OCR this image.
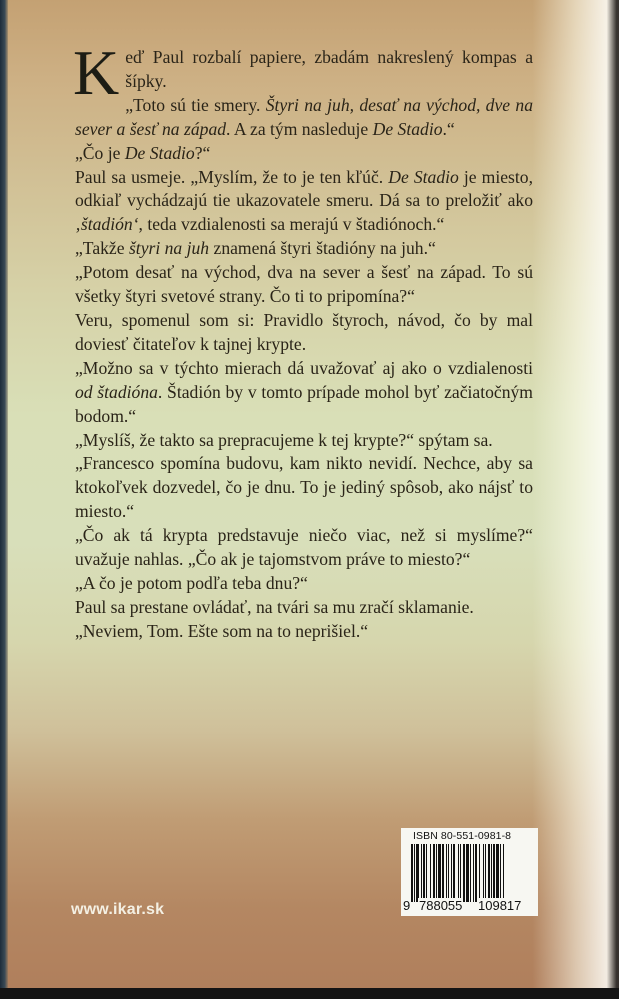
Keď Paul rozbalí papiere, zbadám nakreslený kompas a šípky.

„Toto sú tie smery. Štyri na juh, desať na východ, dve na sever a šesť na západ. A za tým nasleduje De Stadio.“

„Čo je De Stadio?“

Paul sa usmeje. „Myslím, že to je ten kľúč. De Stadio je miesto, odkiaľ vychádzajú tie ukazovatele smeru. Dá sa to preložiť ako ‚štadión‘, teda vzdialenosti sa merajú v štadiónoch.“

„Takže štyri na juh znamená štyri štadióny na juh.“

„Potom desať na východ, dva na sever a šesť na západ. To sú všetky štyri svetové strany. Čo ti to pripomína?“

Veru, spomenul som si: Pravidlo štyroch, návod, čo by mal doviesť čitateľov k tajnej krypte.

„Možno sa v týchto mierach dá uvažovať aj ako o vzdialenosti od štadióna. Štadión by v tomto prípade mohol byť začiatočným bodom.“

„Myslíš, že takto sa prepracujeme k tej krypte?“ spýtam sa.

„Francesco spomína budovu, kam nikto nevidí. Nechce, aby sa ktokoľvek dozvedel, čo je dnu. To je jediný spôsob, ako nájsť to miesto.“

„Čo ak tá krypta predstavuje niečo viac, než si myslíme?“ uvažuje nahlas. „Čo ak je tajomstvom práve to miesto?“

„A čo je potom podľa teba dnu?“

Paul sa prestane ovládať, na tvári sa mu zračí sklamanie.

„Neviem, Tom. Ešte som na to neprišiel.“

www.ikar.sk
ISBN 80-551-0981-8
9 788055 109817
